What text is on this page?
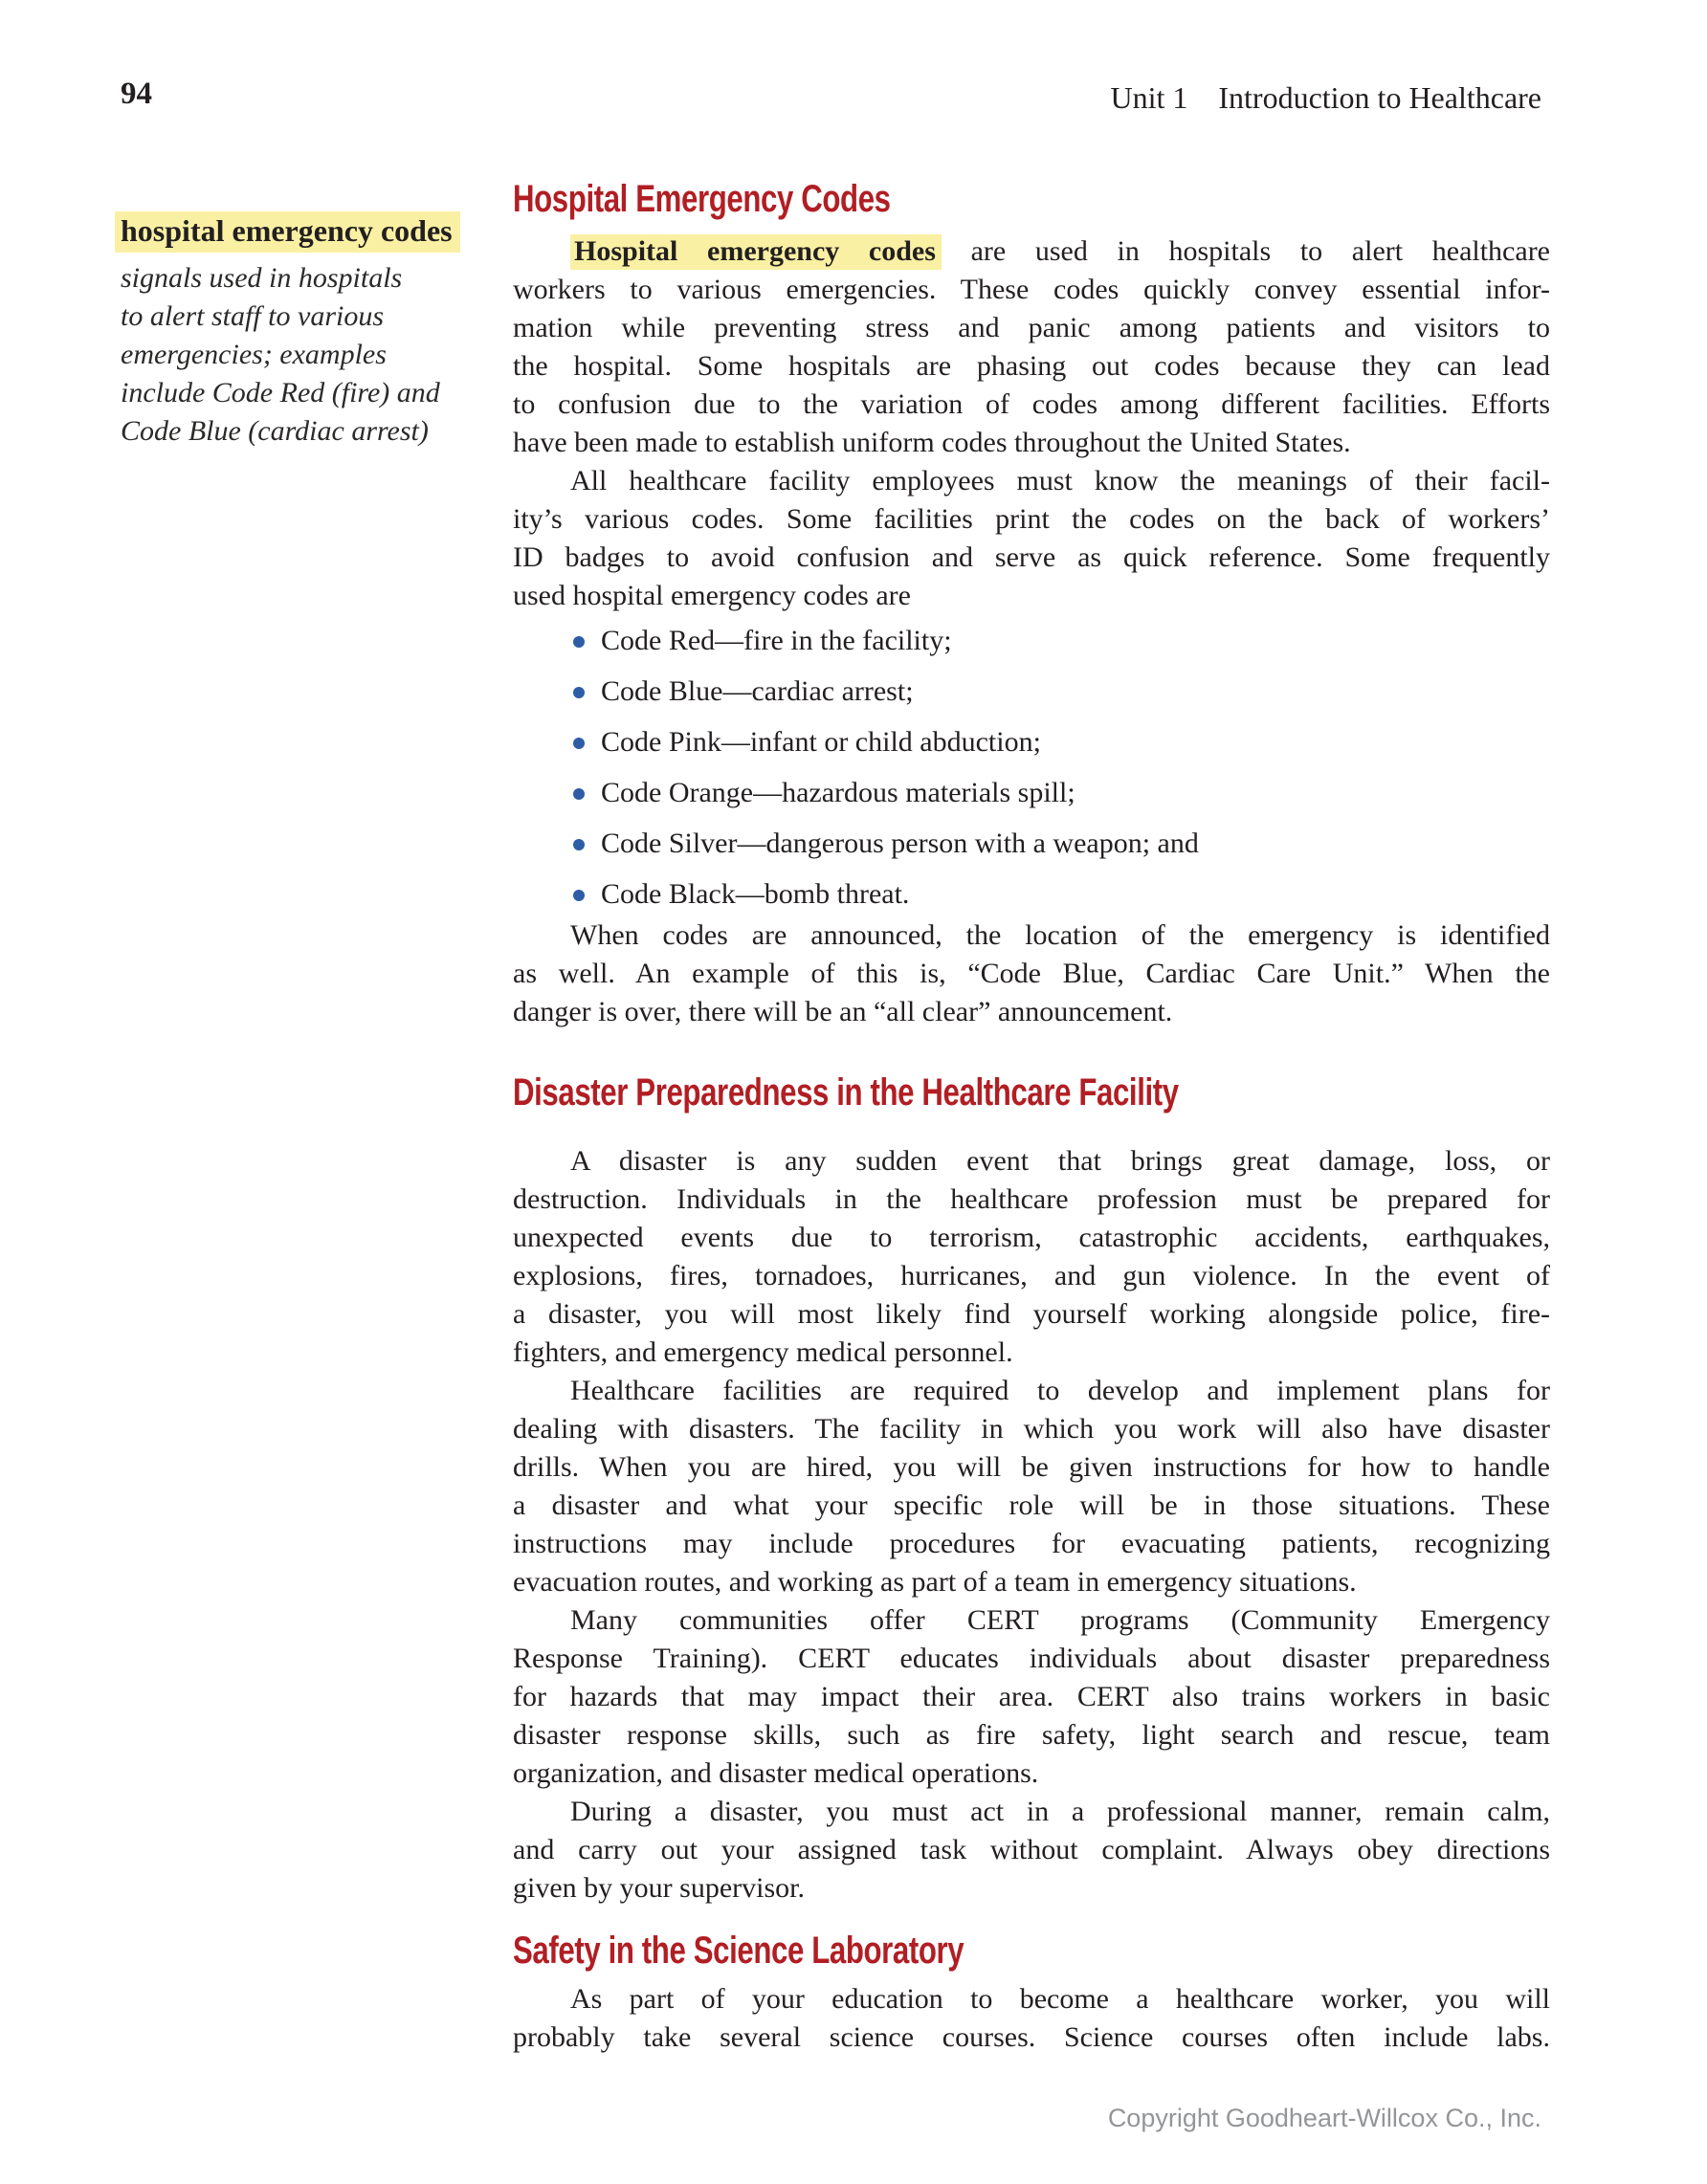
94	Unit 1 Introduction to Healthcare
hospital emergency codes
signals used in hospitals
to alert staff to various
emergencies; examples
include Code Red (fire) and
Code Blue (cardiac arrest)
Hospital Emergency Codes
Hospital emergency codes are used in hospitals to alert healthcare
workers to various emergencies. These codes quickly convey essential infor-
mation while preventing stress and panic among patients and visitors to
the hospital. Some hospitals are phasing out codes because they can lead
to confusion due to the variation of codes among different facilities. Efforts
have been made to establish uniform codes throughout the United States.
All healthcare facility employees must know the meanings of their facil-
ity’s various codes. Some facilities print the codes on the back of workers’
ID badges to avoid confusion and serve as quick reference. Some frequently
used hospital emergency codes are
Code Red—fire in the facility;
Code Blue—cardiac arrest;
Code Pink—infant or child abduction;
Code Orange—hazardous materials spill;
Code Silver—dangerous person with a weapon; and
Code Black—bomb threat.
When codes are announced, the location of the emergency is identified
as well. An example of this is, “Code Blue, Cardiac Care Unit.” When the
danger is over, there will be an “all clear” announcement.
Disaster Preparedness in the Healthcare Facility
A disaster is any sudden event that brings great damage, loss, or
destruction. Individuals in the healthcare profession must be prepared for
unexpected events due to terrorism, catastrophic accidents, earthquakes,
explosions, fires, tornadoes, hurricanes, and gun violence. In the event of
a disaster, you will most likely find yourself working alongside police, fire-
fighters, and emergency medical personnel.
Healthcare facilities are required to develop and implement plans for
dealing with disasters. The facility in which you work will also have disaster
drills. When you are hired, you will be given instructions for how to handle
a disaster and what your specific role will be in those situations. These
instructions may include procedures for evacuating patients, recognizing
evacuation routes, and working as part of a team in emergency situations.
Many communities offer CERT programs (Community Emergency
Response Training). CERT educates individuals about disaster preparedness
for hazards that may impact their area. CERT also trains workers in basic
disaster response skills, such as fire safety, light search and rescue, team
organization, and disaster medical operations.
During a disaster, you must act in a professional manner, remain calm,
and carry out your assigned task without complaint. Always obey directions
given by your supervisor.
Safety in the Science Laboratory
As part of your education to become a healthcare worker, you will
probably take several science courses. Science courses often include labs.
Copyright Goodheart-Willcox Co., Inc.
